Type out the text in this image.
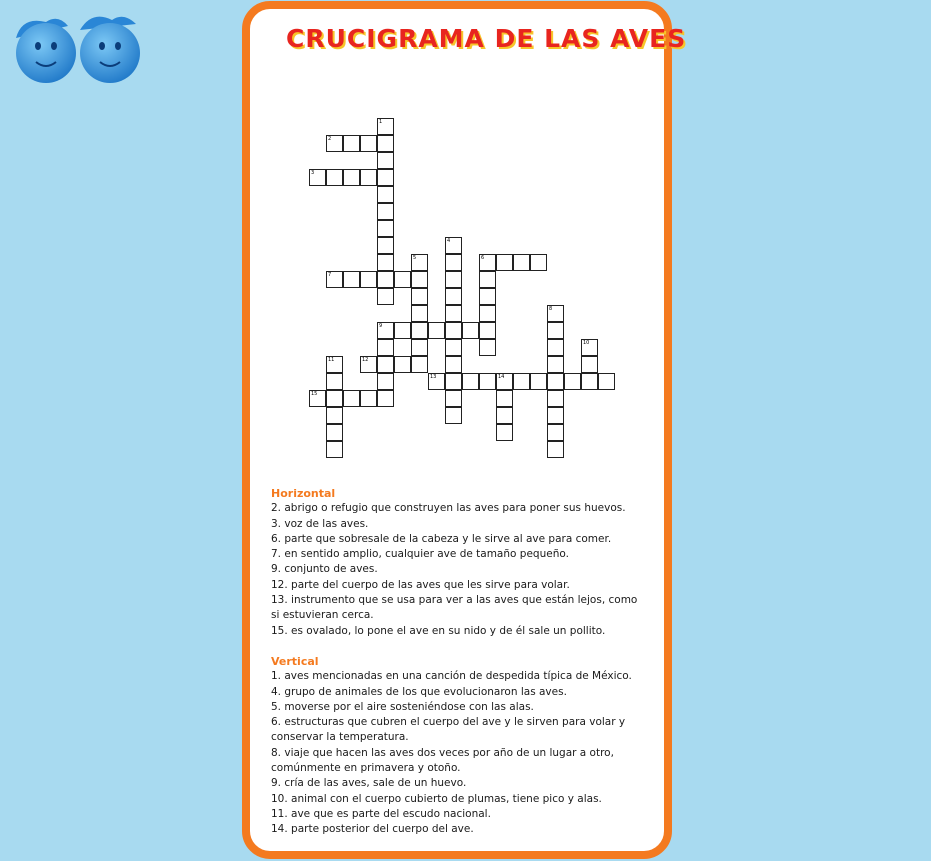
CRUCIGRAMA DE LAS AVES
1
2
3
4
5	6
7
8
9
10
11	12
13	14
15

Horizontal

2. abrigo o refugio que construyen las aves para poner sus huevos.

3. voz de las aves.

6. parte que sobresale de la cabeza y le sirve al ave para comer.

7. en sentido amplio, cualquier ave de tamaño pequeño.

9. conjunto de aves.

12. parte del cuerpo de las aves que les sirve para volar.

13. instrumento que se usa para ver a las aves que están lejos, como si estuvieran cerca.

15. es ovalado, lo pone el ave en su nido y de él sale un pollito.

Vertical

1. aves mencionadas en una canción de despedida típica de México.

4. grupo de animales de los que evolucionaron las aves.

5. moverse por el aire sosteniéndose con las alas.

6. estructuras que cubren el cuerpo del ave y le sirven para volar y conservar la temperatura.

8. viaje que hacen las aves dos veces por año de un lugar a otro, comúnmente en primavera y otoño.

9. cría de las aves, sale de un huevo.

10. animal con el cuerpo cubierto de plumas, tiene pico y alas.

11. ave que es parte del escudo nacional.

14. parte posterior del cuerpo del ave.
